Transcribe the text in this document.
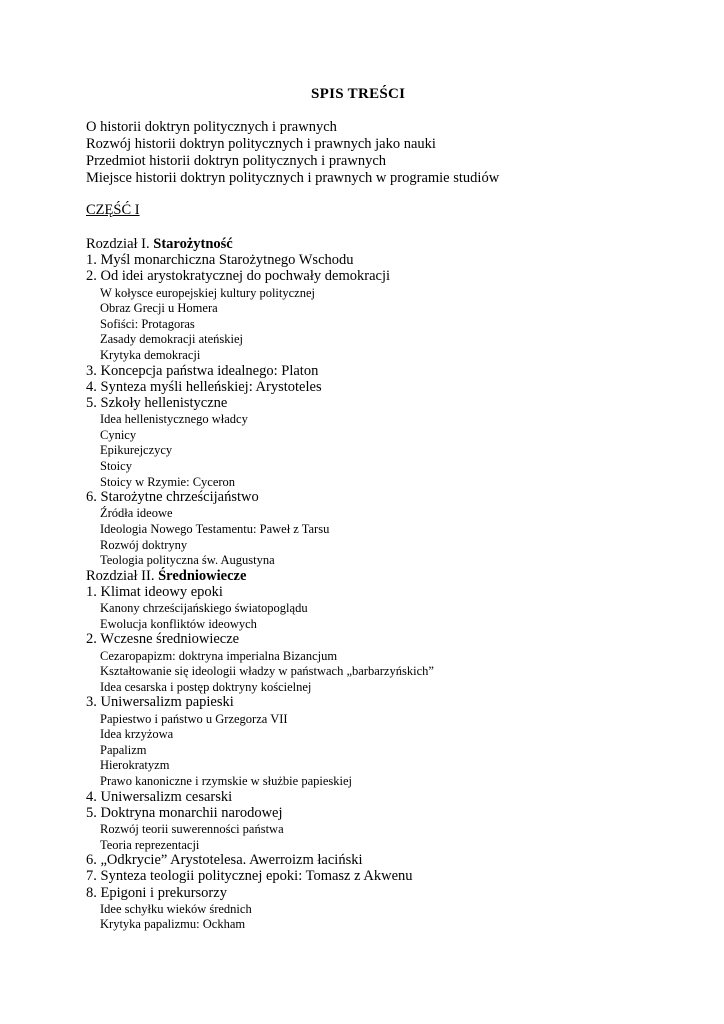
SPIS TREŚCI
O historii doktryn politycznych i prawnych
Rozwój historii doktryn politycznych i prawnych jako nauki
Przedmiot historii doktryn politycznych i prawnych
Miejsce historii doktryn politycznych i prawnych w programie studiów
CZĘŚĆ I
Rozdział I. Starożytność
1. Myśl monarchiczna Starożytnego Wschodu
2. Od idei arystokratycznej do pochwały demokracji
W kołysce europejskiej kultury politycznej
Obraz Grecji u Homera
Sofiści: Protagoras
Zasady demokracji ateńskiej
Krytyka demokracji
3. Koncepcja państwa idealnego: Platon
4. Synteza myśli helleńskiej: Arystoteles
5. Szkoły hellenistyczne
Idea hellenistycznego władcy
Cynicy
Epikurejczycy
Stoicy
Stoicy w Rzymie: Cyceron
6. Starożytne chrześcijaństwo
Źródła ideowe
Ideologia Nowego Testamentu: Paweł z Tarsu
Rozwój doktryny
Teologia polityczna św. Augustyna
Rozdział II. Średniowiecze
1. Klimat ideowy epoki
Kanony chrześcijańskiego światopoglądu
Ewolucja konfliktów ideowych
2. Wczesne średniowiecze
Cezaropapizm: doktryna imperialna Bizancjum
Kształtowanie się ideologii władzy w państwach „barbarzyńskich”
Idea cesarska i postęp doktryny kościelnej
3. Uniwersalizm papieski
Papiestwo i państwo u Grzegorza VII
Idea krzyżowa
Papalizm
Hierokratyzm
Prawo kanoniczne i rzymskie w służbie papieskiej
4. Uniwersalizm cesarski
5. Doktryna monarchii narodowej
Rozwój teorii suwerenności państwa
Teoria reprezentacji
6. „Odkrycie” Arystotelesa. Awerroizm łaciński
7. Synteza teologii politycznej epoki: Tomasz z Akwenu
8. Epigoni i prekursorzy
Idee schyłku wieków średnich
Krytyka papalizmu: Ockham
